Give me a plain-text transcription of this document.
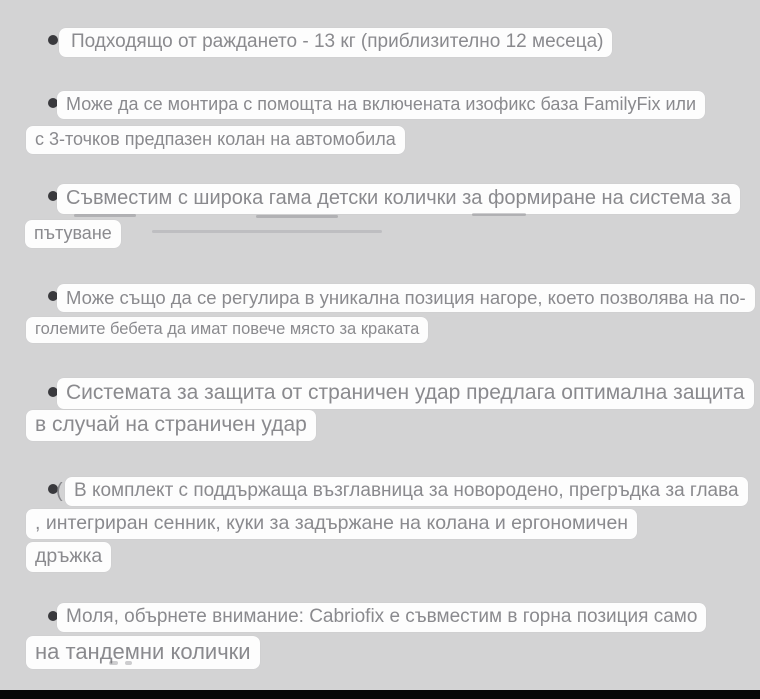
Подходящо от раждането - 13 кг (приблизително 12 месеца)
Може да се монтира с помощта на включената изофикс база FamilyFix или
с 3-точков предпазен колан на автомобила
Съвместим с широка гама детски колички за формиране на система за
пътуване
Може също да се регулира в уникална позиция нагоре, което позволява на по-
големите бебета да имат повече място за краката
Системата за защита от страничен удар предлага оптимална защита
в случай на страничен удар
( В комплект с поддържаща възглавница за новородено, прегръдка за глава
, интегриран сенник, куки за задържане на колана и ергономичен
дръжка
Моля, обърнете внимание: Cabriofix е съвместим в горна позиция само
на тандемни колички
